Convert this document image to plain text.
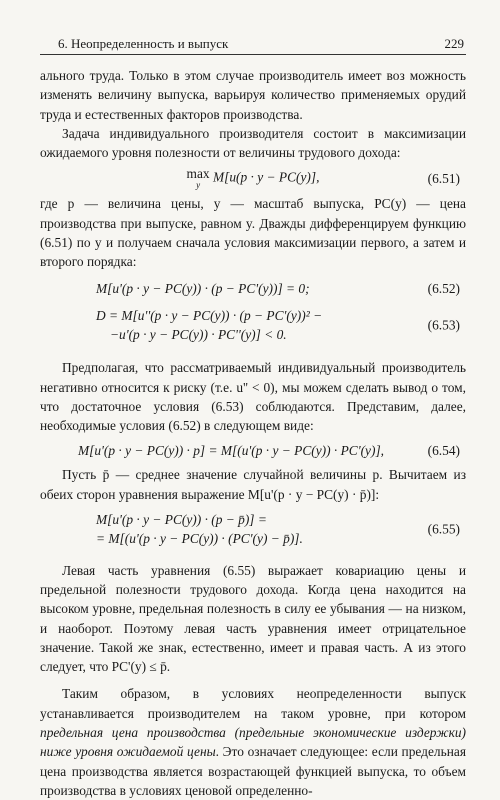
6. Неопределенность и выпуск	229

ального труда. Только в этом случае производитель имеет воз можность изменять величину выпуска, варьируя количество применяемых орудий труда и естественных факторов производства.

Задача индивидуального производителя состоит в максимизации ожидаемого уровня полезности от величины трудового дохода:

max
y
M[u(p · y − PC(y)],	(6.51)

где p — величина цены, y — масштаб выпуска, PC(y) — цена производства при выпуске, равном y. Дважды дифференцируем функцию (6.51) по y и получаем сначала условия максимизации первого, а затем и второго порядка:

M[u'(p · y − PC(y)) · (p − PC'(y))] = 0;	(6.52)
D = M[u''(p · y − PC(y)) · (p − PC'(y))² −
−u'(p · y − PC(y)) · PC''(y)] < 0.
(6.53)

Предполагая, что рассматриваемый индивидуальный производитель негативно относится к риску (т.е. u'' < 0), мы можем сделать вывод о том, что достаточное условия (6.53) соблюдаются. Представим, далее, необходимые условия (6.52) в следующем виде:

M[u'(p · y − PC(y)) · p] = M[(u'(p · y − PC(y)) · PC'(y)],	(6.54)

Пусть p̄ — среднее значение случайной величины p. Вычитаем из обеих сторон уравнения выражение M[u'(p · y − PC(y) · p̄)]:

M[u'(p · y − PC(y)) · (p − p̄)] =
= M[(u'(p · y − PC(y)) · (PC'(y) − p̄)].
(6.55)

Левая часть уравнения (6.55) выражает ковариацию цены и предельной полезности трудового дохода. Когда цена находится на высоком уровне, предельная полезность в силу ее убывания — на низком, и наоборот. Поэтому левая часть уравнения имеет отрицательное значение. Такой же знак, естественно, имеет и правая часть. А из этого следует, что PC'(y) ≤ p̄.

Таким образом, в условиях неопределенности выпуск устанавливается производителем на таком уровне, при котором предельная цена производства (предельные экономические издержки) ниже уровня ожидаемой цены. Это означает следующее: если предельная цена производства является возрастающей функцией выпуска, то объем производства в условиях ценовой определенно-
